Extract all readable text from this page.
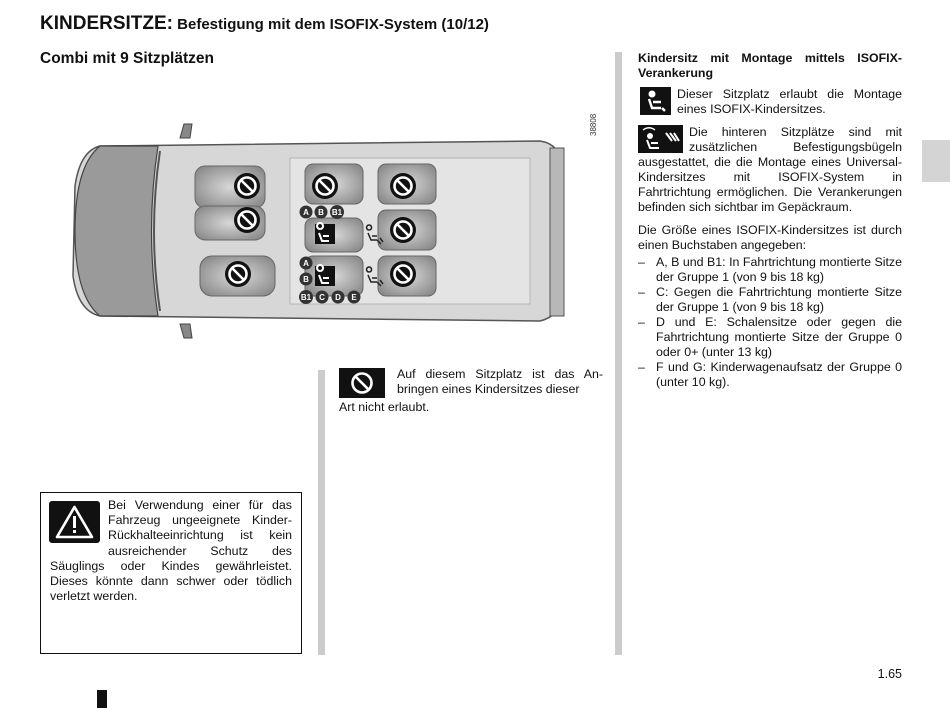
KINDERSITZE: Befestigung mit dem ISOFIX-System (10/12)
Combi mit 9 Sitzplätzen
A B B1
A
B
B1 C D E
38808
Auf diesem Sitzplatz ist das An-bringen eines Kindersitzes dieser
Art nicht erlaubt.
Bei Verwendung einer für das Fahrzeug ungeeignete Kinder-Rückhalteeinrichtung ist kein ausreichender Schutz des Säuglings oder Kindes gewährleistet. Dieses könnte dann schwer oder tödlich verletzt werden.
Kindersitz mit Montage mittels ISOFIX-Verankerung
Dieser Sitzplatz erlaubt die Montage eines ISOFIX-Kindersitzes.
Die hinteren Sitzplätze sind mit zusätzlichen Befestigungsbügeln ausgestattet, die die Montage eines Universal-Kindersitzes mit ISOFIX-System in Fahrtrichtung ermöglichen. Die Verankerungen befinden sich sichtbar im Gepäckraum.
Die Größe eines ISOFIX-Kindersitzes ist durch einen Buchstaben angegeben:
– A, B und B1: In Fahrtrichtung montierte Sitze der Gruppe 1 (von 9 bis 18 kg)
– C: Gegen die Fahrtrichtung montierte Sitze der Gruppe 1 (von 9 bis 18 kg)
– D und E: Schalensitze oder gegen die Fahrtrichtung montierte Sitze der Gruppe 0 oder 0+ (unter 13 kg)
– F und G: Kinderwagenaufsatz der Gruppe 0 (unter 10 kg).
1.65
